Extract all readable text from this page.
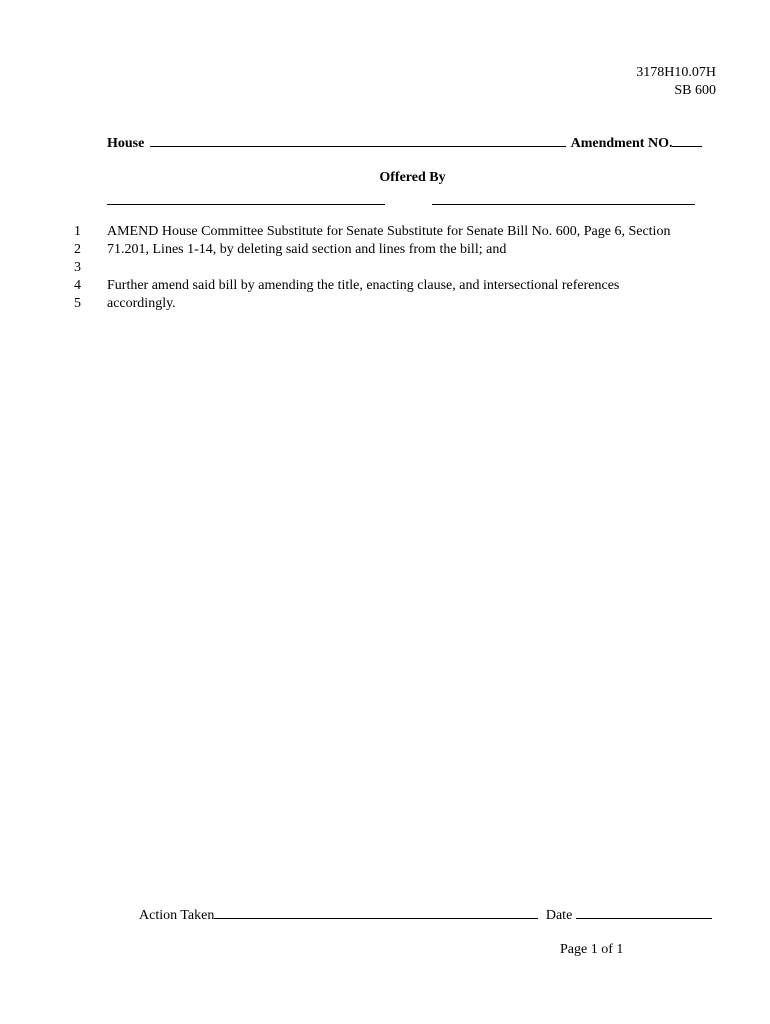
3178H10.07H
SB 600
House	Amendment NO.
Offered By
1
2
3
4
5
AMEND House Committee Substitute for Senate Substitute for Senate Bill No. 600, Page 6, Section
71.201, Lines 1-14, by deleting said section and lines from the bill; and
Further amend said bill by amending the title, enacting clause, and intersectional references
accordingly.
Action Taken	Date
Page 1 of 1
